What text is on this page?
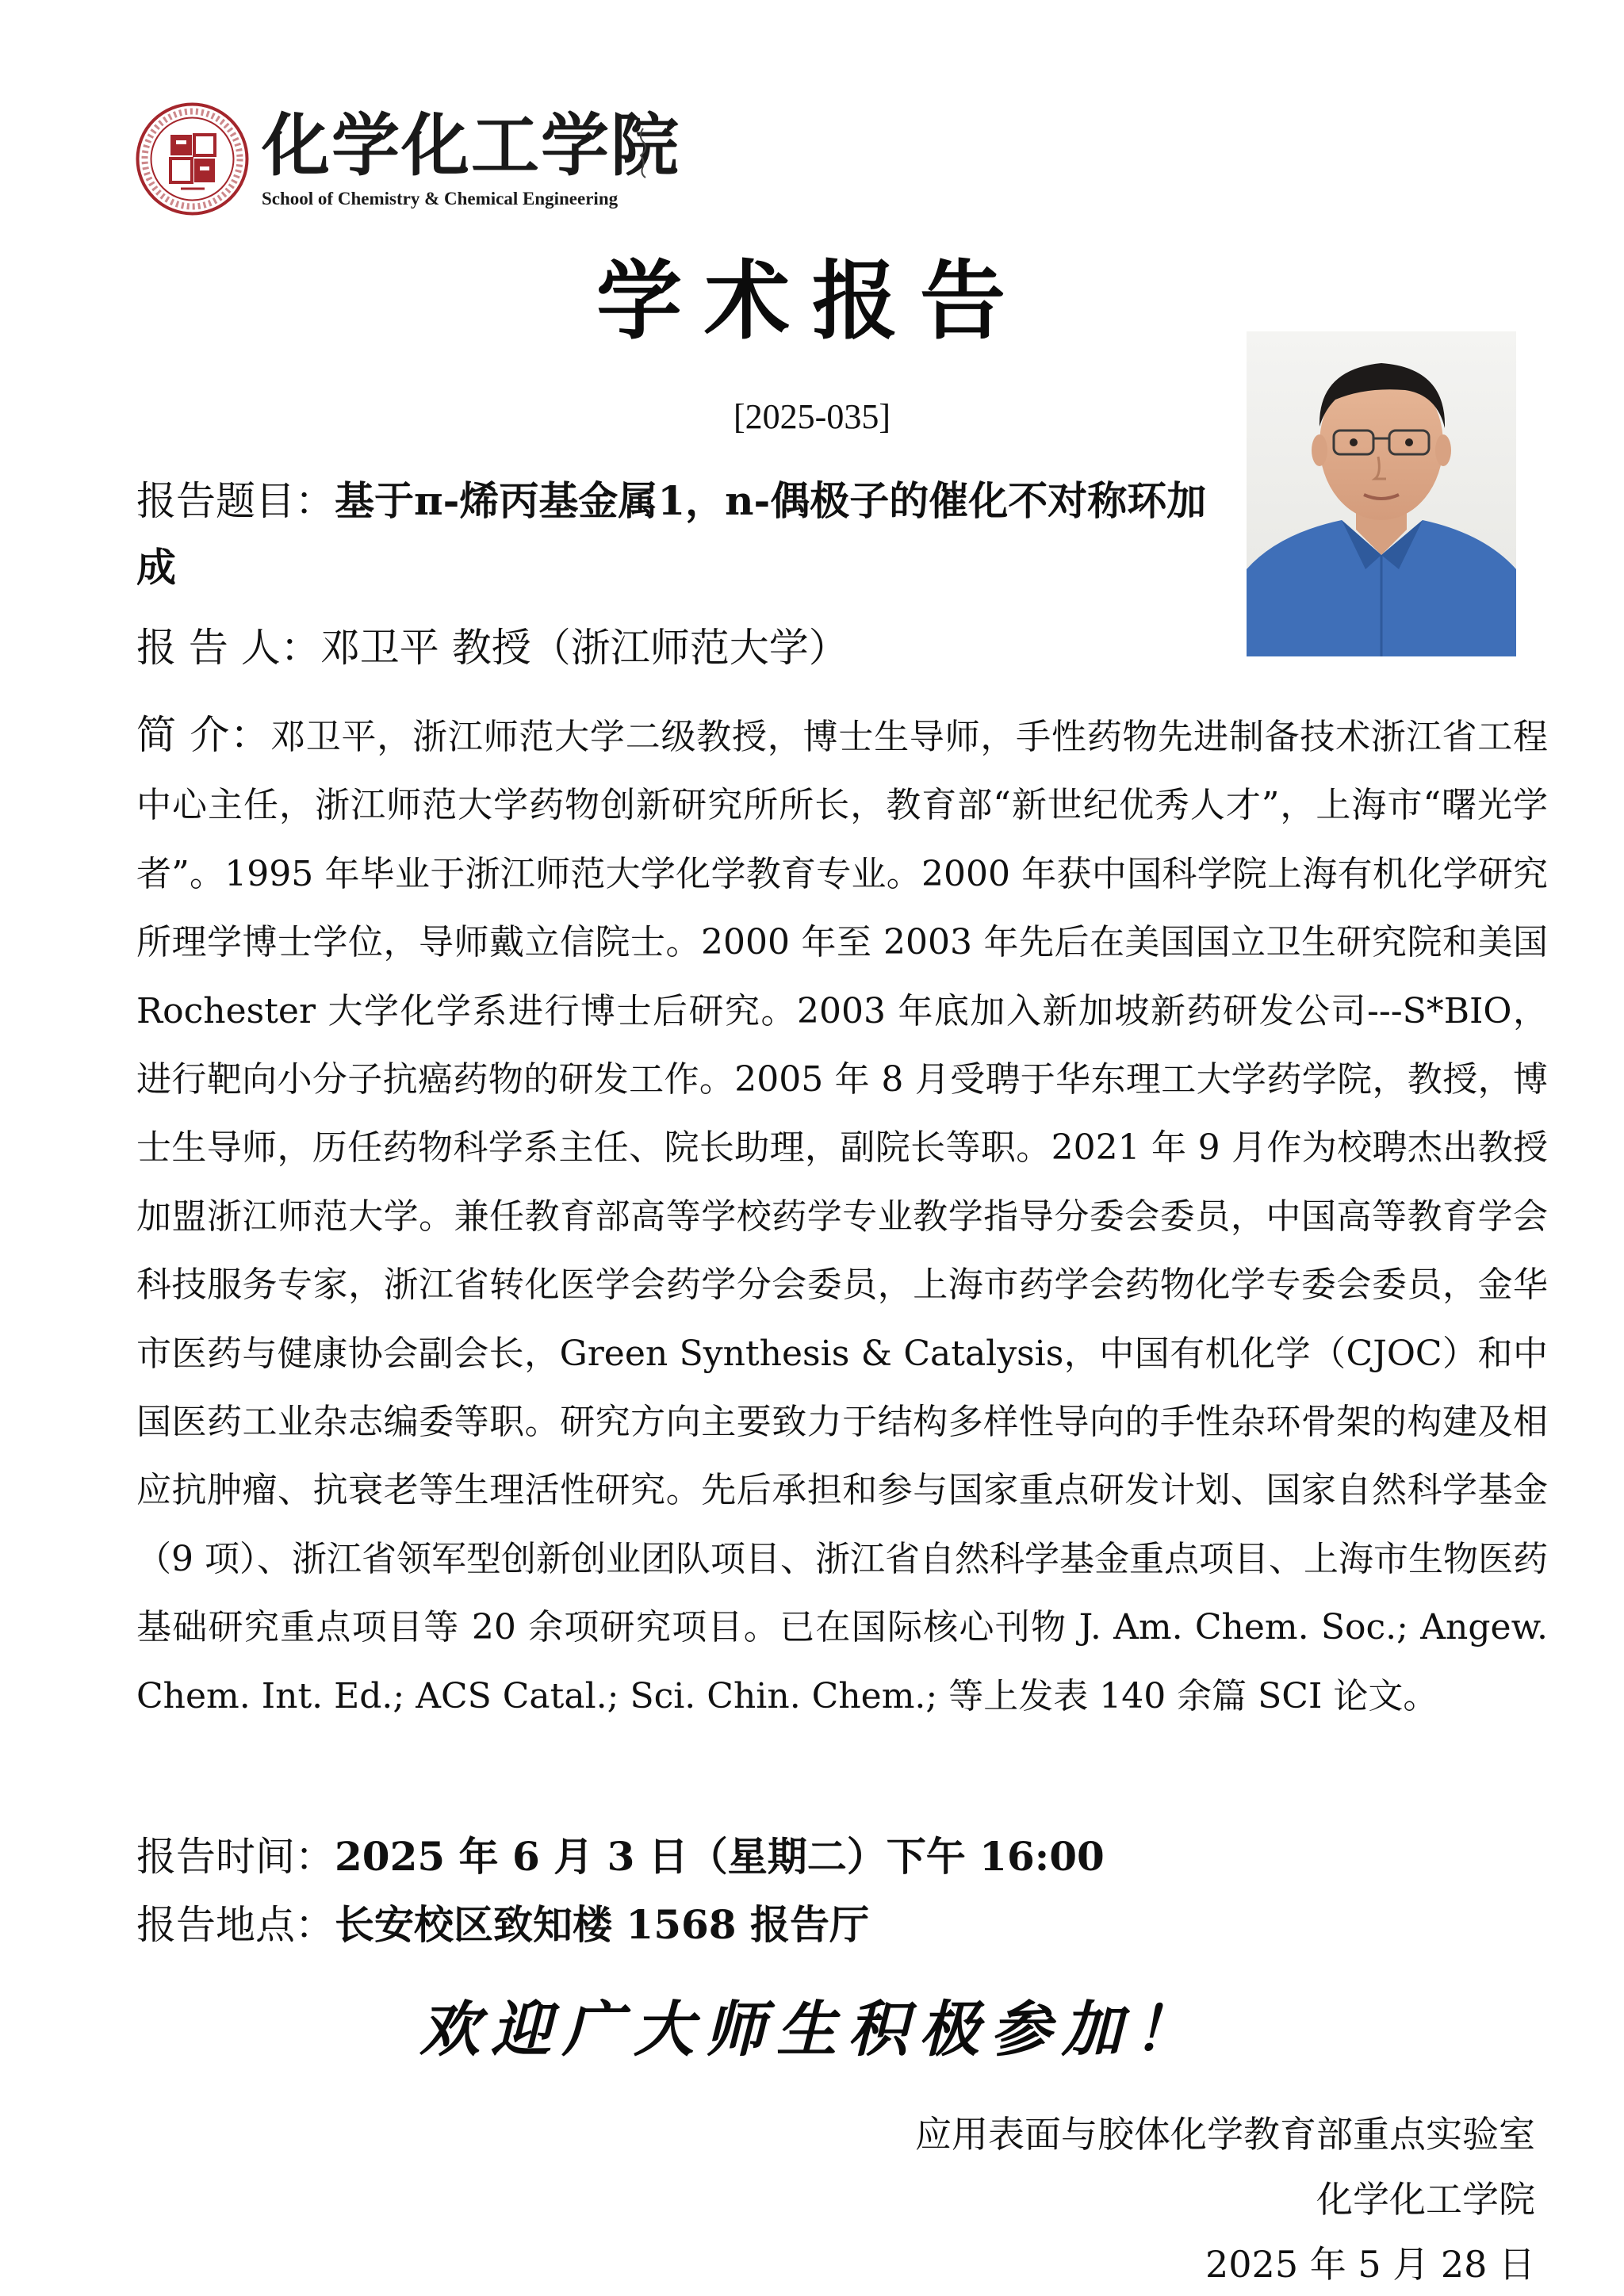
化学化工学院
School of Chemistry & Chemical Engineering
学术报告
[2025-035]
报告题目：基于π-烯丙基金属1，n-偶极子的催化不对称环加成
报 告 人：邓卫平 教授（浙江师范大学）
简 介：邓卫平，浙江师范大学二级教授，博士生导师，手性药物先进制备技术浙江省工程中心主任，浙江师范大学药物创新研究所所长，教育部“新世纪优秀人才”，上海市“曙光学者”。1995 年毕业于浙江师范大学化学教育专业。2000 年获中国科学院上海有机化学研究所理学博士学位，导师戴立信院士。2000 年至 2003 年先后在美国国立卫生研究院和美国 Rochester 大学化学系进行博士后研究。2003 年底加入新加坡新药研发公司---S*BIO，进行靶向小分子抗癌药物的研发工作。2005 年 8 月受聘于华东理工大学药学院，教授，博士生导师，历任药物科学系主任、院长助理，副院长等职。2021 年 9 月作为校聘杰出教授加盟浙江师范大学。兼任教育部高等学校药学专业教学指导分委会委员，中国高等教育学会科技服务专家，浙江省转化医学会药学分会委员，上海市药学会药物化学专委会委员，金华市医药与健康协会副会长，Green Synthesis & Catalysis，中国有机化学（CJOC）和中国医药工业杂志编委等职。研究方向主要致力于结构多样性导向的手性杂环骨架的构建及相应抗肿瘤、抗衰老等生理活性研究。先后承担和参与国家重点研发计划、国家自然科学基金（9 项）、浙江省领军型创新创业团队项目、浙江省自然科学基金重点项目、上海市生物医药基础研究重点项目等 20 余项研究项目。已在国际核心刊物 J. Am. Chem. Soc.; Angew. Chem. Int. Ed.; ACS Catal.; Sci. Chin. Chem.; 等上发表 140 余篇 SCI 论文。
报告时间：2025 年 6 月 3 日（星期二）下午 16:00
报告地点：长安校区致知楼 1568 报告厅
欢迎广大师生积极参加！
应用表面与胶体化学教育部重点实验室
化学化工学院
2025 年 5 月 28 日
